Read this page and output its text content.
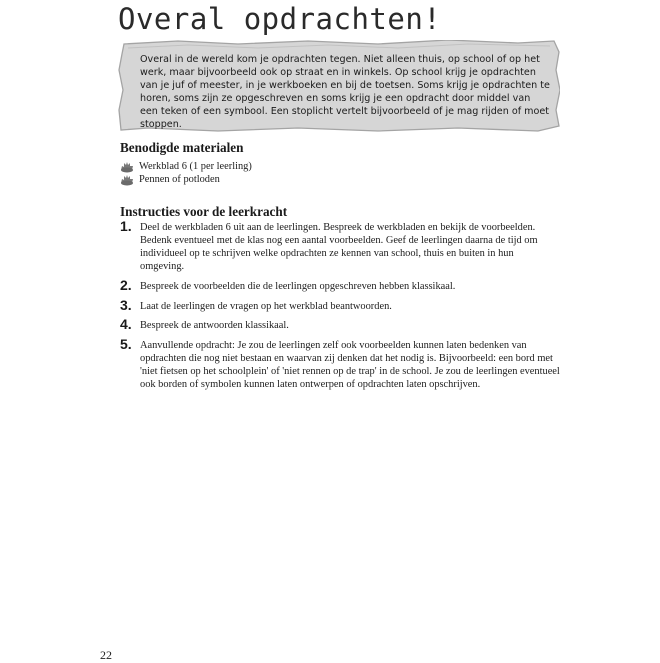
Overal opdrachten!
Overal in de wereld kom je opdrachten tegen. Niet alleen thuis, op school of op het werk, maar bijvoorbeeld ook op straat en in winkels. Op school krijg je opdrachten van je juf of meester, in je werkboeken en bij de toetsen. Soms krijg je opdrachten te horen, soms zijn ze opgeschreven en soms krijg je een opdracht door middel van een teken of een symbool. Een stoplicht vertelt bijvoorbeeld of je mag rijden of moet stoppen.
Benodigde materialen
Werkblad 6 (1 per leerling)
Pennen of potloden
Instructies voor de leerkracht
1. Deel de werkbladen 6 uit aan de leerlingen. Bespreek de werkbladen en bekijk de voorbeelden. Bedenk eventueel met de klas nog een aantal voorbeelden. Geef de leerlingen daarna de tijd om individueel op te schrijven welke opdrachten ze kennen van school, thuis en buiten in hun omgeving.
2. Bespreek de voorbeelden die de leerlingen opgeschreven hebben klassikaal.
3. Laat de leerlingen de vragen op het werkblad beantwoorden.
4. Bespreek de antwoorden klassikaal.
5. Aanvullende opdracht: Je zou de leerlingen zelf ook voorbeelden kunnen laten bedenken van opdrachten die nog niet bestaan en waarvan zij denken dat het nodig is. Bijvoorbeeld: een bord met 'niet fietsen op het schoolplein' of 'niet rennen op de trap' in de school. Je zou de leerlingen eventueel ook borden of symbolen kunnen laten ontwerpen of opdrachten laten opschrijven.
22
